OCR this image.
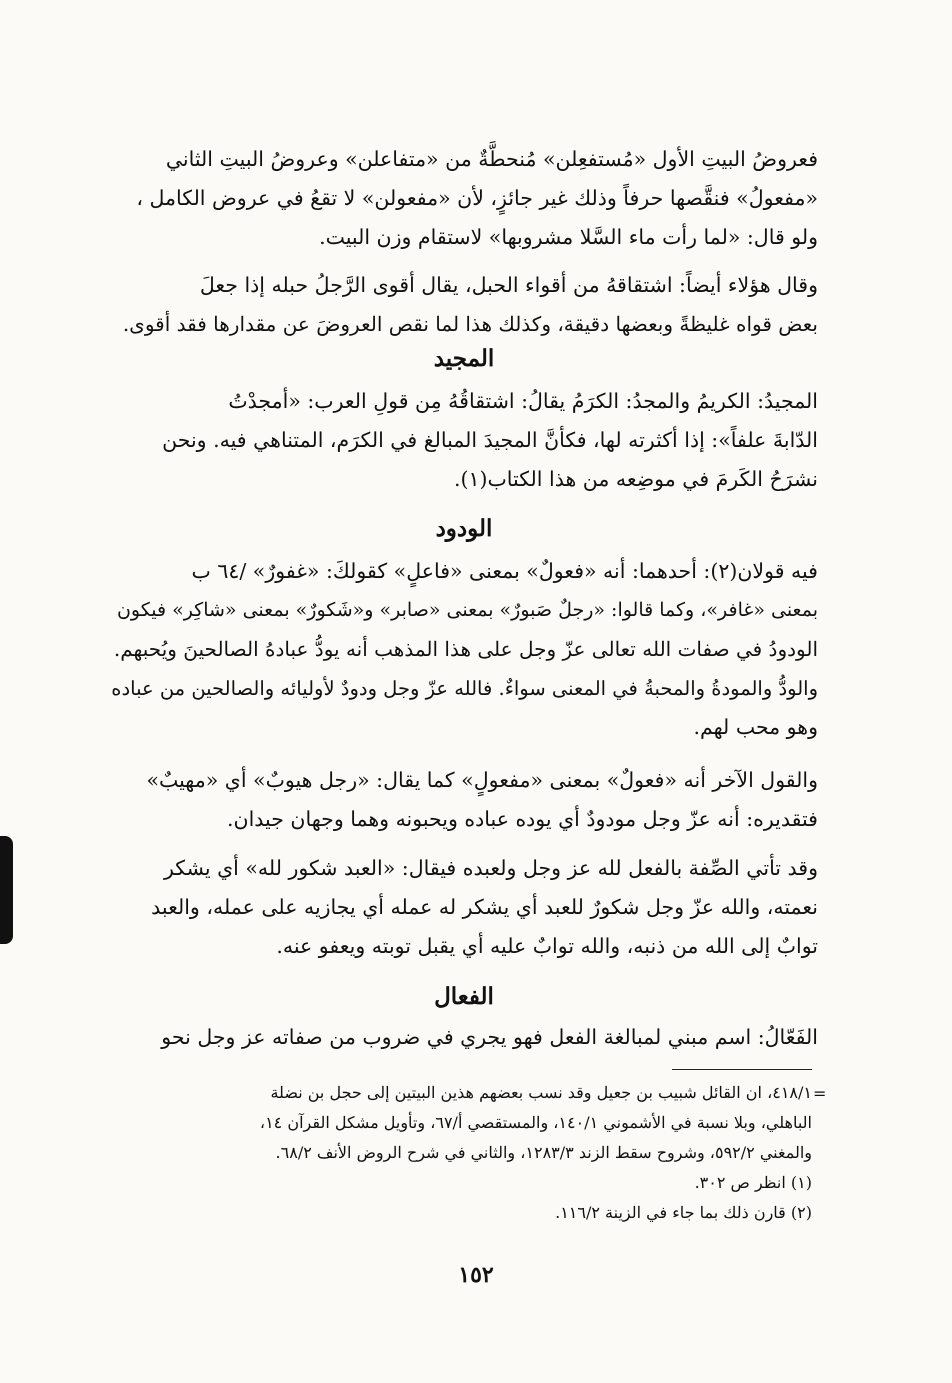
فعروضُ البيتِ الأول «مُستفعِلن» مُنحطَّةٌ من «متفاعلن» وعروضُ البيتِ الثاني
«مفعولُ» فنقَّصها حرفاً وذلك غير جائزٍ، لأن «مفعولن» لا تقعُ في عروض الكامل ،
ولو قال: «لما رأت ماء السَّلا مشروبها» لاستقام وزن البيت.
وقال هؤلاء أيضاً: اشتقاقهُ من أقواء الحبل، يقال أقوى الرَّجلُ حبله إذا جعلَ
بعض قواه غليظةً وبعضها دقيقة، وكذلك هذا لما نقص العروضَ عن مقدارها فقد أقوى.
المجيد
المجيدُ: الكريمُ والمجدُ: الكرَمُ يقالُ: اشتقاقُهُ مِن قولِ العرب: «أمجدْتُ
الدّابةَ علفاً»: إذا أكثرته لها، فكأنَّ المجيدَ المبالغ في الكرَم، المتناهي فيه. ونحن
نشرَحُ الكَرمَ في موضِعه من هذا الكتاب(١).
الودود
فيه قولان(٢): أحدهما: أنه «فعولٌ» بمعنى «فاعلٍ» كقولكَ: «غفورٌ» /٦٤ ب
بمعنى «غافر»، وكما قالوا: «رجلٌ صَبورٌ» بمعنى «صابر» و«شَكورٌ» بمعنى «شاكِر» فيكون
الودودُ في صفات الله تعالى عزّ وجل على هذا المذهب أنه يودُّ عبادهُ الصالحينَ ويُحبهم.
والودُّ والمودةُ والمحبةُ في المعنى سواءٌ. فالله عزّ وجل ودودٌ لأوليائه والصالحين من عباده
وهو محب لهم.
والقول الآخر أنه «فعولٌ» بمعنى «مفعولٍ» كما يقال: «رجل هيوبٌ» أي «مهيبٌ»
فتقديره: أنه عزّ وجل مودودٌ أي يوده عباده ويحبونه وهما وجهان جيدان.
وقد تأتي الصِّفة بالفعل لله عز وجل ولعبده فيقال: «العبد شكور لله» أي يشكر
نعمته، والله عزّ وجل شكورٌ للعبد أي يشكر له عمله أي يجازيه على عمله، والعبد
توابٌ إلى الله من ذنبه، والله توابٌ عليه أي يقبل توبته ويعفو عنه.
الفعال
الفَعّالُ: اسم مبني لمبالغة الفعل فهو يجري في ضروب من صفاته عز وجل نحو
=
٤١٨/١، ان القائل شبيب بن جعيل وقد نسب بعضهم هذين البيتين إلى حجل بن نضلة
الباهلي، وبلا نسبة في الأشموني ١٤٠/١، والمستقصي أ/٦٧، وتأويل مشكل القرآن ١٤،
والمغني ٥٩٢/٢، وشروح سقط الزند ١٢٨٣/٣، والثاني في شرح الروض الأنف ٦٨/٢.
(١) انظر ص ٣٠٢.
(٢) قارن ذلك بما جاء في الزينة ١١٦/٢.
١٥٢
